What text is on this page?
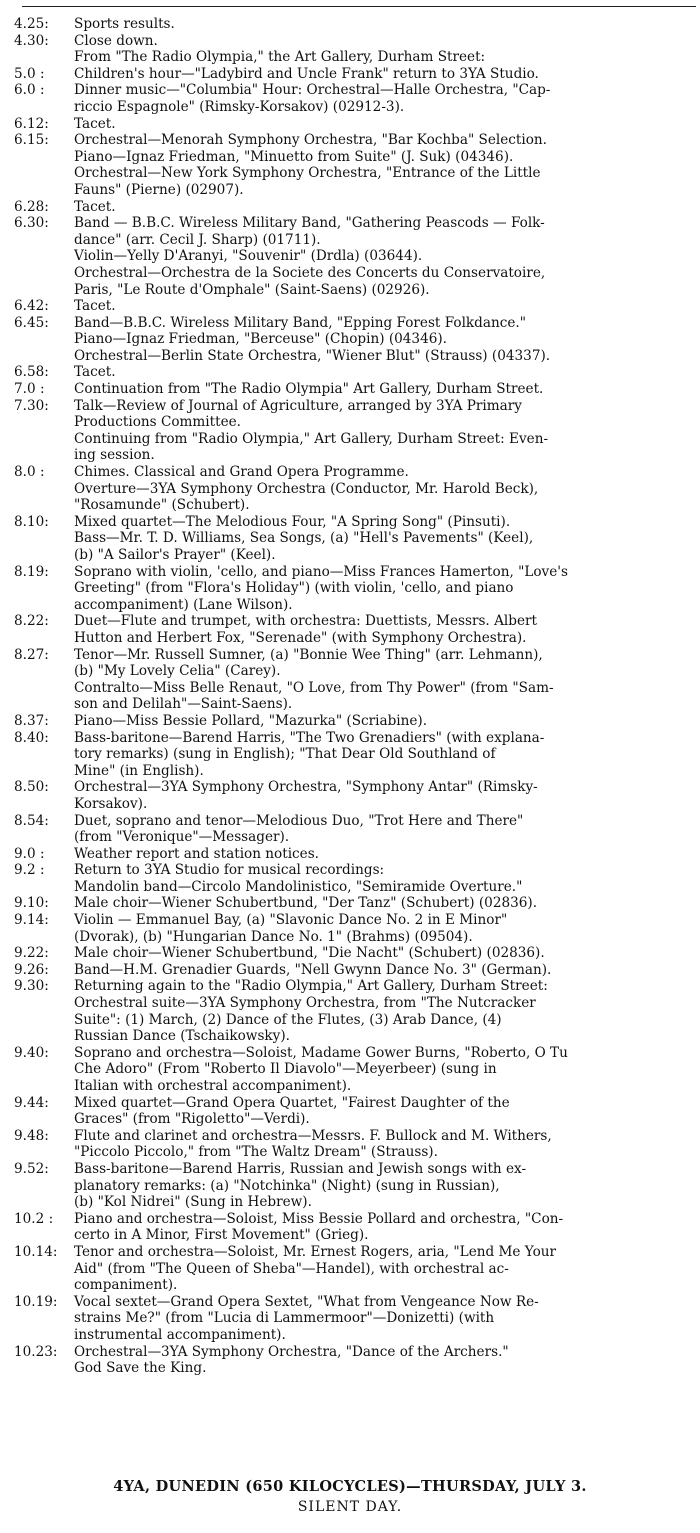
4.25:	Sports results.
4.30:	Close down.
From "The Radio Olympia," the Art Gallery, Durham Street:
5.0 :	Children's hour—"Ladybird and Uncle Frank" return to 3YA Studio.
6.0 :	Dinner music—"Columbia" Hour: Orchestral—Halle Orchestra, "Cap-
riccio Espagnole" (Rimsky-Korsakov) (02912-3).
6.12:	Tacet.
6.15:	Orchestral—Menorah Symphony Orchestra, "Bar Kochba" Selection.
Piano—Ignaz Friedman, "Minuetto from Suite" (J. Suk) (04346).
Orchestral—New York Symphony Orchestra, "Entrance of the Little
Fauns" (Pierne) (02907).
6.28:	Tacet.
6.30:	Band — B.B.C. Wireless Military Band, "Gathering Peascods — Folk-
dance" (arr. Cecil J. Sharp) (01711).
Violin—Yelly D'Aranyi, "Souvenir" (Drdla) (03644).
Orchestral—Orchestra de la Societe des Concerts du Conservatoire,
Paris, "Le Route d'Omphale" (Saint-Saens) (02926).
6.42:	Tacet.
6.45:	Band—B.B.C. Wireless Military Band, "Epping Forest Folkdance."
Piano—Ignaz Friedman, "Berceuse" (Chopin) (04346).
Orchestral—Berlin State Orchestra, "Wiener Blut" (Strauss) (04337).
6.58:	Tacet.
7.0 :	Continuation from "The Radio Olympia" Art Gallery, Durham Street.
7.30:	Talk—Review of Journal of Agriculture, arranged by 3YA Primary
Productions Committee.
Continuing from "Radio Olympia," Art Gallery, Durham Street: Even-
ing session.
8.0 :	Chimes. Classical and Grand Opera Programme.
Overture—3YA Symphony Orchestra (Conductor, Mr. Harold Beck),
"Rosamunde" (Schubert).
8.10:	Mixed quartet—The Melodious Four, "A Spring Song" (Pinsuti).
Bass—Mr. T. D. Williams, Sea Songs, (a) "Hell's Pavements" (Keel),
(b) "A Sailor's Prayer" (Keel).
8.19:	Soprano with violin, 'cello, and piano—Miss Frances Hamerton, "Love's
Greeting" (from "Flora's Holiday") (with violin, 'cello, and piano
accompaniment) (Lane Wilson).
8.22:	Duet—Flute and trumpet, with orchestra: Duettists, Messrs. Albert
Hutton and Herbert Fox, "Serenade" (with Symphony Orchestra).
8.27:	Tenor—Mr. Russell Sumner, (a) "Bonnie Wee Thing" (arr. Lehmann),
(b) "My Lovely Celia" (Carey).
Contralto—Miss Belle Renaut, "O Love, from Thy Power" (from "Sam-
son and Delilah"—Saint-Saens).
8.37:	Piano—Miss Bessie Pollard, "Mazurka" (Scriabine).
8.40:	Bass-baritone—Barend Harris, "The Two Grenadiers" (with explana-
tory remarks) (sung in English); "That Dear Old Southland of
Mine" (in English).
8.50:	Orchestral—3YA Symphony Orchestra, "Symphony Antar" (Rimsky-
Korsakov).
8.54:	Duet, soprano and tenor—Melodious Duo, "Trot Here and There"
(from "Veronique"—Messager).
9.0 :	Weather report and station notices.
9.2 :	Return to 3YA Studio for musical recordings:
Mandolin band—Circolo Mandolinistico, "Semiramide Overture."
9.10:	Male choir—Wiener Schubertbund, "Der Tanz" (Schubert) (02836).
9.14:	Violin — Emmanuel Bay, (a) "Slavonic Dance No. 2 in E Minor"
(Dvorak), (b) "Hungarian Dance No. 1" (Brahms) (09504).
9.22:	Male choir—Wiener Schubertbund, "Die Nacht" (Schubert) (02836).
9.26:	Band—H.M. Grenadier Guards, "Nell Gwynn Dance No. 3" (German).
9.30:	Returning again to the "Radio Olympia," Art Gallery, Durham Street:
Orchestral suite—3YA Symphony Orchestra, from "The Nutcracker
Suite": (1) March, (2) Dance of the Flutes, (3) Arab Dance, (4)
Russian Dance (Tschaikowsky).
9.40:	Soprano and orchestra—Soloist, Madame Gower Burns, "Roberto, O Tu
Che Adoro" (From "Roberto Il Diavolo"—Meyerbeer) (sung in
Italian with orchestral accompaniment).
9.44:	Mixed quartet—Grand Opera Quartet, "Fairest Daughter of the
Graces" (from "Rigoletto"—Verdi).
9.48:	Flute and clarinet and orchestra—Messrs. F. Bullock and M. Withers,
"Piccolo Piccolo," from "The Waltz Dream" (Strauss).
9.52:	Bass-baritone—Barend Harris, Russian and Jewish songs with ex-
planatory remarks: (a) "Notchinka" (Night) (sung in Russian),
(b) "Kol Nidrei" (Sung in Hebrew).
10.2 :	Piano and orchestra—Soloist, Miss Bessie Pollard and orchestra, "Con-
certo in A Minor, First Movement" (Grieg).
10.14:	Tenor and orchestra—Soloist, Mr. Ernest Rogers, aria, "Lend Me Your
Aid" (from "The Queen of Sheba"—Handel), with orchestral ac-
companiment).
10.19:	Vocal sextet—Grand Opera Sextet, "What from Vengeance Now Re-
strains Me?" (from "Lucia di Lammermoor"—Donizetti) (with
instrumental accompaniment).
10.23:	Orchestral—3YA Symphony Orchestra, "Dance of the Archers."
God Save the King.
4YA, DUNEDIN (650 KILOCYCLES)—THURSDAY, JULY 3.
SILENT DAY.
